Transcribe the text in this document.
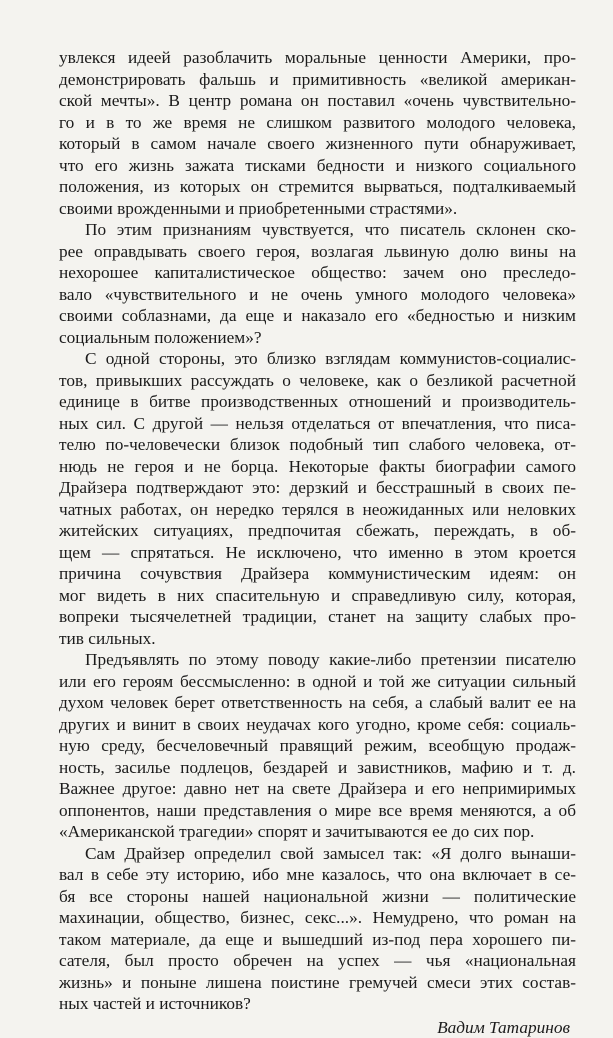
увлекся идеей разоблачить моральные ценности Америки, про-
демонстрировать фальшь и примитивность «великой американ-
ской мечты». В центр романа он поставил «очень чувствительно-
го и в то же время не слишком развитого молодого человека,
который в самом начале своего жизненного пути обнаруживает,
что его жизнь зажата тисками бедности и низкого социального
положения, из которых он стремится вырваться, подталкиваемый
своими врожденными и приобретенными страстями».

По этим признаниям чувствуется, что писатель склонен ско-
рее оправдывать своего героя, возлагая львиную долю вины на
нехорошее капиталистическое общество: зачем оно преследо-
вало «чувствительного и не очень умного молодого человека»
своими соблазнами, да еще и наказало его «бедностью и низким
социальным положением»?

С одной стороны, это близко взглядам коммунистов-социалис-
тов, привыкших рассуждать о человеке, как о безликой расчетной
единице в битве производственных отношений и производитель-
ных сил. С другой — нельзя отделаться от впечатления, что писа-
телю по-человечески близок подобный тип слабого человека, от-
нюдь не героя и не борца. Некоторые факты биографии самого
Драйзера подтверждают это: дерзкий и бесстрашный в своих пе-
чатных работах, он нередко терялся в неожиданных или неловких
житейских ситуациях, предпочитая сбежать, переждать, в об-
щем — спрятаться. Не исключено, что именно в этом кроется
причина сочувствия Драйзера коммунистическим идеям: он
мог видеть в них спасительную и справедливую силу, которая,
вопреки тысячелетней традиции, станет на защиту слабых про-
тив сильных.

Предъявлять по этому поводу какие-либо претензии писателю
или его героям бессмысленно: в одной и той же ситуации сильный
духом человек берет ответственность на себя, а слабый валит ее на
других и винит в своих неудачах кого угодно, кроме себя: социаль-
ную среду, бесчеловечный правящий режим, всеобщую продаж-
ность, засилье подлецов, бездарей и завистников, мафию и т. д.
Важнее другое: давно нет на свете Драйзера и его непримиримых
оппонентов, наши представления о мире все время меняются, а об
«Американской трагедии» спорят и зачитываются ее до сих пор.

Сам Драйзер определил свой замысел так: «Я долго вынаши-
вал в себе эту историю, ибо мне казалось, что она включает в се-
бя все стороны нашей национальной жизни — политические
махинации, общество, бизнес, секс...». Немудрено, что роман на
таком материале, да еще и вышедший из-под пера хорошего пи-
сателя, был просто обречен на успех — чья «национальная
жизнь» и поныне лишена поистине гремучей смеси этих состав-
ных частей и источников?

Вадим Татаринов
